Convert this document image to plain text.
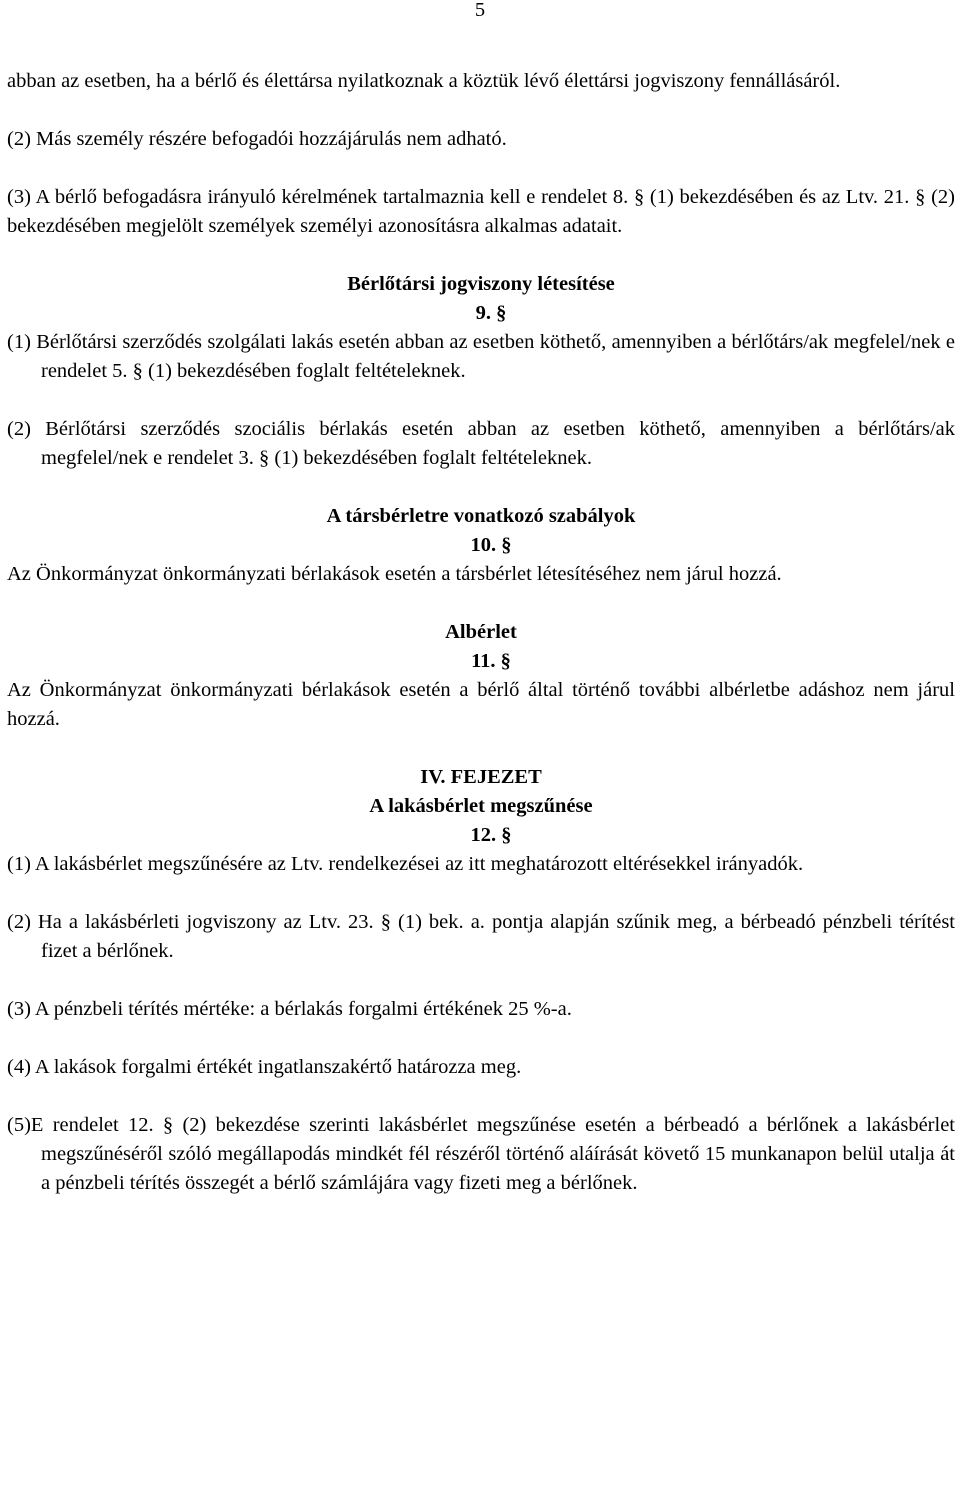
5

abban az esetben, ha a bérlő és élettársa nyilatkoznak a köztük lévő élettársi jogviszony fennállásáról.

(2) Más személy részére befogadói hozzájárulás nem adható.

(3) A bérlő befogadásra irányuló kérelmének tartalmaznia kell e rendelet 8. § (1) bekezdésében és az Ltv. 21. § (2) bekezdésében megjelölt személyek személyi azonosításra alkalmas adatait.

Bérlőtársi jogviszony létesítése

9. §

(1) Bérlőtársi szerződés szolgálati lakás esetén abban az esetben köthető, amennyiben a bérlőtárs/ak megfelel/nek e rendelet 5. § (1) bekezdésében foglalt feltételeknek.

(2) Bérlőtársi szerződés szociális bérlakás esetén abban az esetben köthető, amennyiben a bérlőtárs/ak megfelel/nek e rendelet 3. § (1) bekezdésében foglalt feltételeknek.

A társbérletre vonatkozó szabályok

10. §

Az Önkormányzat önkormányzati bérlakások esetén a társbérlet létesítéséhez nem járul hozzá.

Albérlet

11. §

Az Önkormányzat önkormányzati bérlakások esetén a bérlő által történő további albérletbe adáshoz nem járul hozzá.

IV. FEJEZET

A lakásbérlet megszűnése

12. §

(1) A lakásbérlet megszűnésére az Ltv. rendelkezései az itt meghatározott eltérésekkel irányadók.

(2) Ha a lakásbérleti jogviszony az Ltv. 23. § (1) bek. a. pontja alapján szűnik meg, a bérbeadó pénzbeli térítést fizet a bérlőnek.

(3) A pénzbeli térítés mértéke: a bérlakás forgalmi értékének 25 %-a.

(4) A lakások forgalmi értékét ingatlanszakértő határozza meg.

(5)E rendelet 12. § (2) bekezdése szerinti lakásbérlet megszűnése esetén a bérbeadó a bérlőnek a lakásbérlet megszűnéséről szóló megállapodás mindkét fél részéről történő aláírását követő 15 munkanapon belül utalja át a pénzbeli térítés összegét a bérlő számlájára vagy fizeti meg a bérlőnek.
